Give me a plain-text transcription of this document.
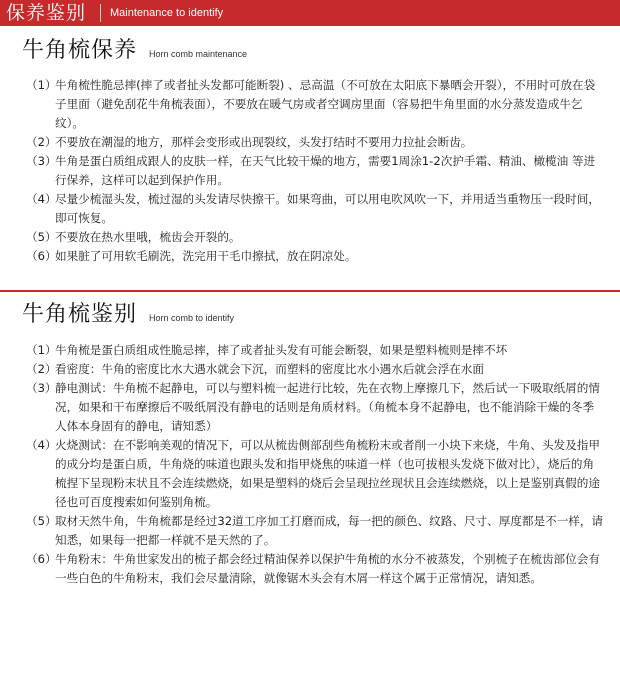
保养鉴别 Maintenance to identify
牛角梳保养 Horn comb maintenance
（1）
牛角梳性脆忌摔(摔了或者扯头发都可能断裂) 、忌高温（不可放在太阳底下暴晒会开裂），不用时可放在袋子里面（避免刮花牛角梳表面），不要放在暖气房或者空调房里面（容易把牛角里面的水分蒸发造成牛乞纹）。
（2）
不要放在潮湿的地方，那样会变形或出现裂纹，头发打结时不要用力拉扯会断齿。
（3）
牛角是蛋白质组成跟人的皮肤一样，在天气比较干燥的地方，需要1周涂1-2次护手霜、精油、橄榄油 等进行保养，这样可以起到保护作用。
（4）
尽量少梳湿头发，梳过湿的头发请尽快擦干。如果弯曲，可以用电吹风吹一下，并用适当重物压一段时间，即可恢复。
（5）
不要放在热水里哦，梳齿会开裂的。
（6）
如果脏了可用软毛刷洗，洗完用干毛巾擦拭，放在阴凉处。
牛角梳鉴别 Horn comb to identify
（1）
牛角梳是蛋白质组成性脆忌摔，摔了或者扯头发有可能会断裂，如果是塑料梳则是摔不坏
（2）
看密度：牛角的密度比水大遇水就会下沉，而塑料的密度比水小遇水后就会浮在水面
（3）
静电测试：牛角梳不起静电，可以与塑料梳一起进行比较，先在衣物上摩擦几下，然后试一下吸取纸屑的情况，如果和干布摩擦后不吸纸屑没有静电的话则是角质材料。（角梳本身不起静电，也不能消除干燥的冬季人体本身固有的静电，请知悉）
（4）
火烧测试：在不影响美观的情况下，可以从梳齿侧部刮些角梳粉末或者削一小块下来烧，牛角、头发及指甲的成分均是蛋白质，牛角烧的味道也跟头发和指甲烧焦的味道一样（也可拔根头发烧下做对比），烧后的角梳捏下呈现粉末状且不会连续燃烧，如果是塑料的烧后会呈现拉丝现状且会连续燃烧，以上是鉴别真假的途径也可百度搜索如何鉴别角梳。
（5）
取材天然牛角，牛角梳都是经过32道工序加工打磨而成，每一把的颜色、纹路、尺寸、厚度都是不一样，请知悉，如果每一把都一样就不是天然的了。
（6）
牛角粉末：牛角世家发出的梳子都会经过精油保养以保护牛角梳的水分不被蒸发，个别梳子在梳齿部位会有一些白色的牛角粉末，我们会尽量清除，就像锯木头会有木屑一样这个属于正常情况，请知悉。
